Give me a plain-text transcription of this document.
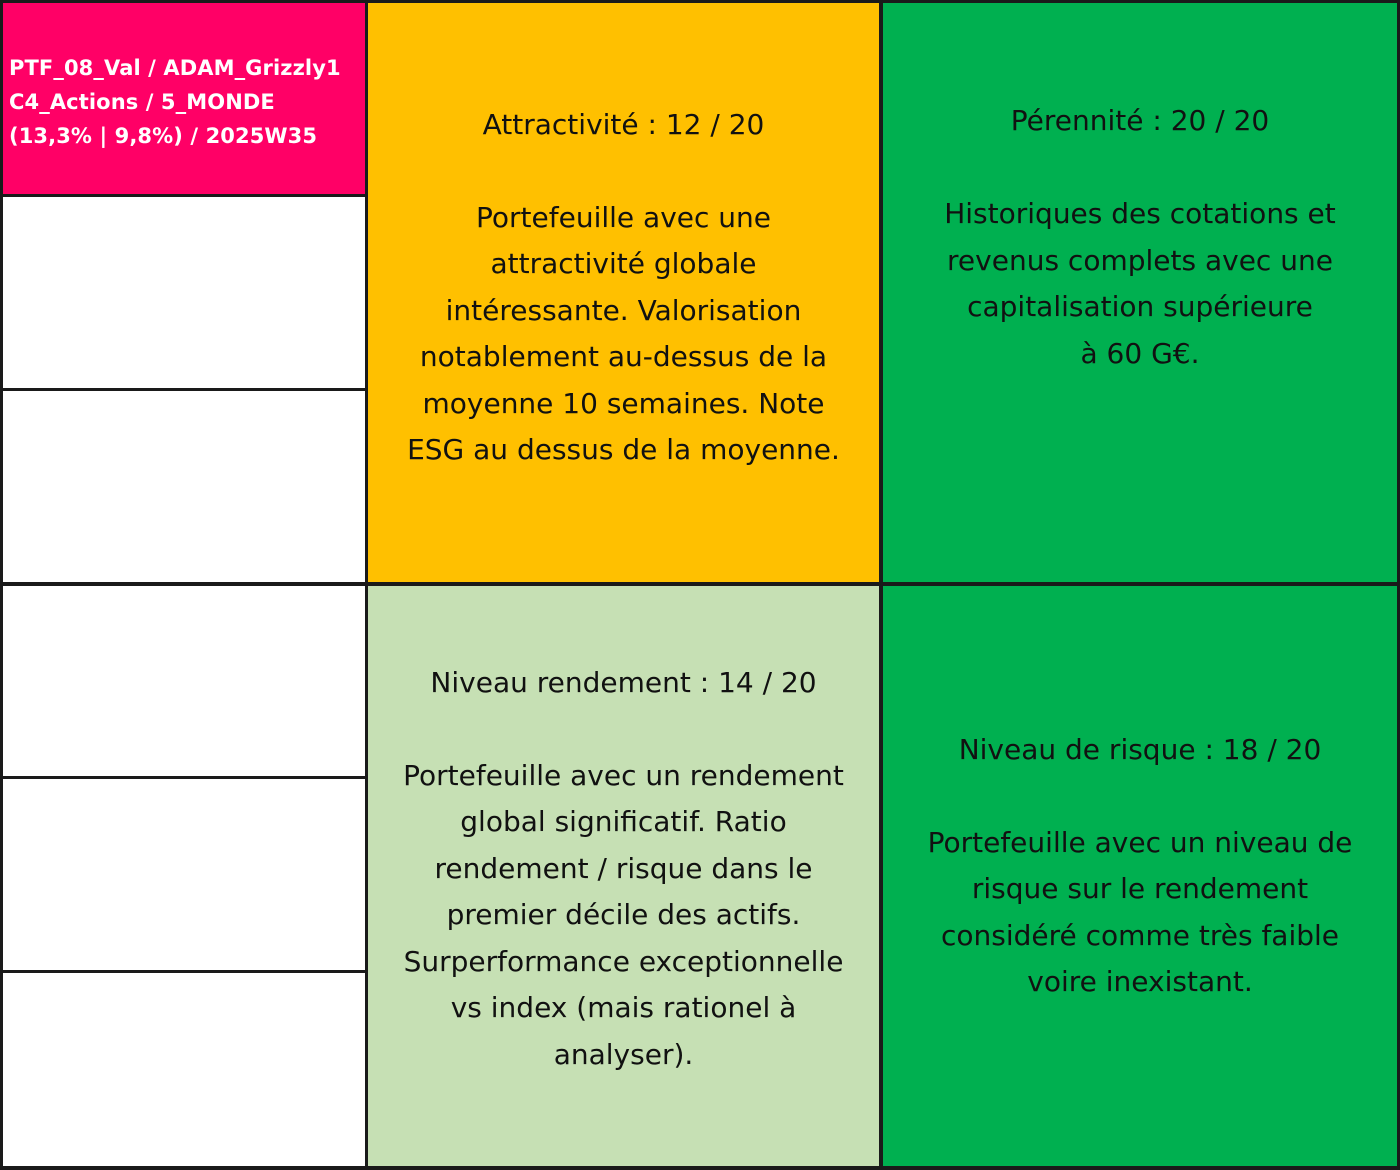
PTF_08_Val / ADAM_Grizzly1
C4_Actions / 5_MONDE
(13,3% | 9,8%) / 2025W35	Attractivité : 12 / 20
Portefeuille avec une
attractivité globale
intéressante. Valorisation
notablement au-dessus de la
moyenne 10 semaines. Note
ESG au dessus de la moyenne.
Pérennité : 20 / 20
Historiques des cotations et
revenus complets avec une
capitalisation supérieure
à 60 G€.
Niveau rendement : 14 / 20
Portefeuille avec un rendement
global significatif. Ratio
rendement / risque dans le
premier décile des actifs.
Surperformance exceptionnelle
vs index (mais rationel à
analyser).
Niveau de risque : 18 / 20
Portefeuille avec un niveau de
risque sur le rendement
considéré comme très faible
voire inexistant.
